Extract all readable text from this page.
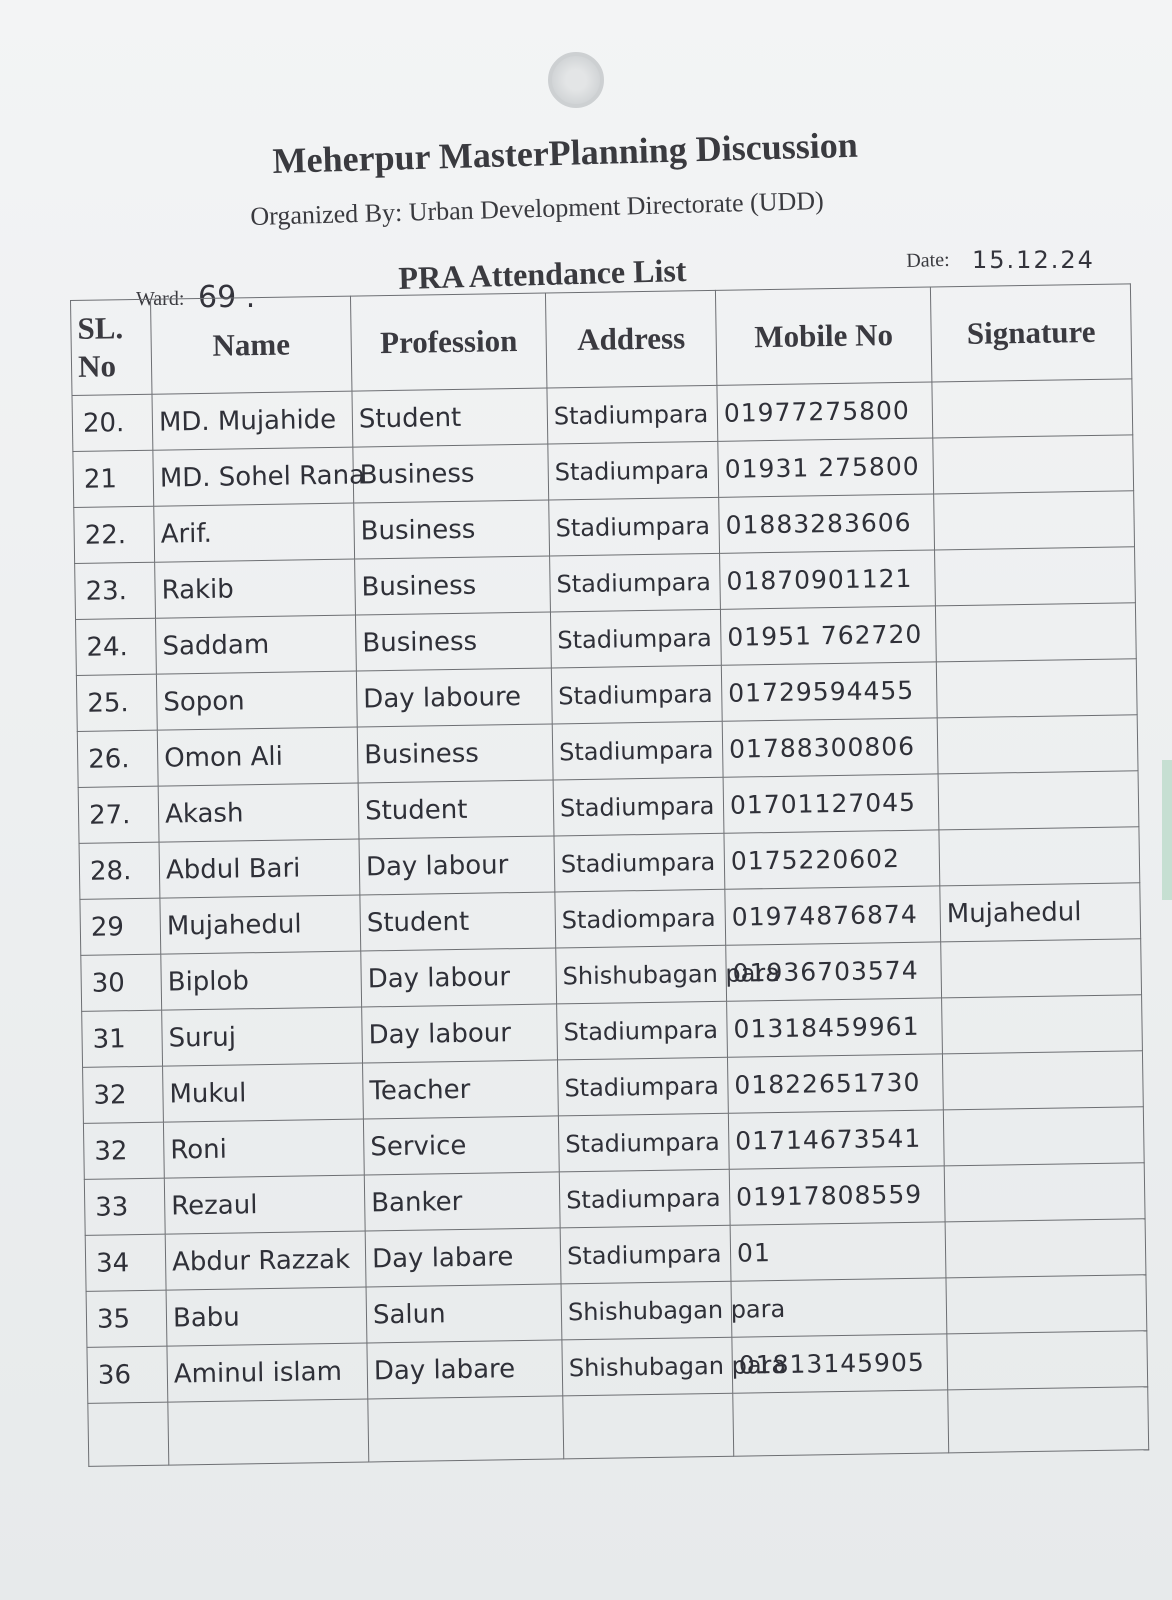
Meherpur MasterPlanning Discussion
Organized By: Urban Development Directorate (UDD)
PRA Attendance List
Ward: 69 .
Date: 15.12.24
SL.
No	Name	Profession	Address	Mobile No	Signature
20.	MD. Mujahide	Student	Stadiumpara	01977275800	
21	MD. Sohel Rana	Business	Stadiumpara	01931 275800	
22.	Arif.	Business	Stadiumpara	01883283606	
23.	Rakib	Business	Stadiumpara	01870901121	
24.	Saddam	Business	Stadiumpara	01951 762720	
25.	Sopon	Day laboure	Stadiumpara	01729594455	
26.	Omon Ali	Business	Stadiumpara	01788300806	
27.	Akash	Student	Stadiumpara	01701127045	
28.	Abdul Bari	Day labour	Stadiumpara	0175220602	
29	Mujahedul	Student	Stadiompara	01974876874	Mujahedul
30	Biplob	Day labour	Shishubagan para	01936703574	
31	Suruj	Day labour	Stadiumpara	01318459961	
32	Mukul	Teacher	Stadiumpara	01822651730	
32	Roni	Service	Stadiumpara	01714673541	
33	Rezaul	Banker	Stadiumpara	01917808559	
34	Abdur Razzak	Day labare	Stadiumpara	01	
35	Babu	Salun	Shishubagan para		
36	Aminul islam	Day labare	Shishubagan para	01813145905	
